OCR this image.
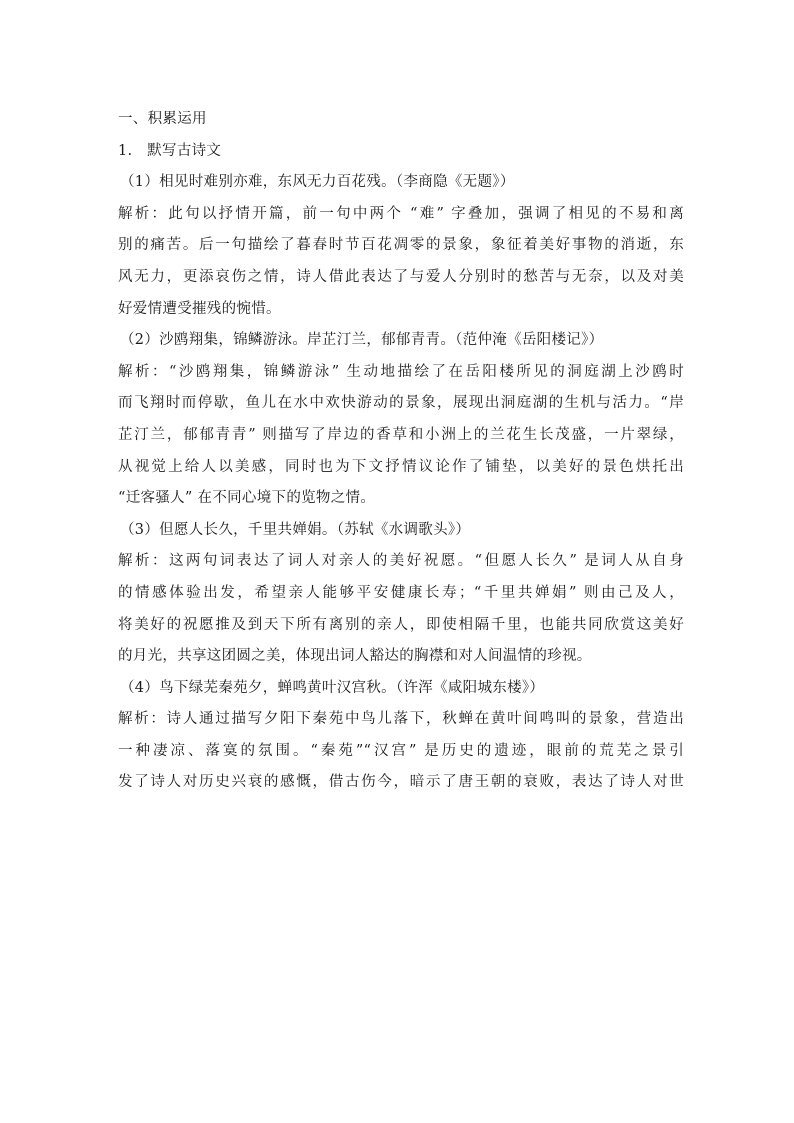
一、积累运用
1.　默写古诗文
（1）相见时难别亦难，东风无力百花残。（李商隐《无题》）
解析：此句以抒情开篇，前一句中两个 “难” 字叠加，强调了相见的不易和离
别的痛苦。后一句描绘了暮春时节百花凋零的景象，象征着美好事物的消逝，东
风无力，更添哀伤之情，诗人借此表达了与爱人分别时的愁苦与无奈，以及对美
好爱情遭受摧残的惋惜。
（2）沙鸥翔集，锦鳞游泳。岸芷汀兰，郁郁青青。（范仲淹《岳阳楼记》）
解析：“沙鸥翔集，锦鳞游泳” 生动地描绘了在岳阳楼所见的洞庭湖上沙鸥时
而飞翔时而停歇，鱼儿在水中欢快游动的景象，展现出洞庭湖的生机与活力。“岸
芷汀兰，郁郁青青” 则描写了岸边的香草和小洲上的兰花生长茂盛，一片翠绿，
从视觉上给人以美感，同时也为下文抒情议论作了铺垫，以美好的景色烘托出
“迁客骚人” 在不同心境下的览物之情。
（3）但愿人长久，千里共婵娟。（苏轼《水调歌头》）
解析：这两句词表达了词人对亲人的美好祝愿。“但愿人长久” 是词人从自身
的情感体验出发，希望亲人能够平安健康长寿；“千里共婵娟” 则由己及人，
将美好的祝愿推及到天下所有离别的亲人，即使相隔千里，也能共同欣赏这美好
的月光，共享这团圆之美，体现出词人豁达的胸襟和对人间温情的珍视。
（4）鸟下绿芜秦苑夕，蝉鸣黄叶汉宫秋。（许浑《咸阳城东楼》）
解析：诗人通过描写夕阳下秦苑中鸟儿落下，秋蝉在黄叶间鸣叫的景象，营造出
一种凄凉、落寞的氛围。“秦苑”“汉宫” 是历史的遗迹，眼前的荒芜之景引
发了诗人对历史兴衰的感慨，借古伤今，暗示了唐王朝的衰败，表达了诗人对世
